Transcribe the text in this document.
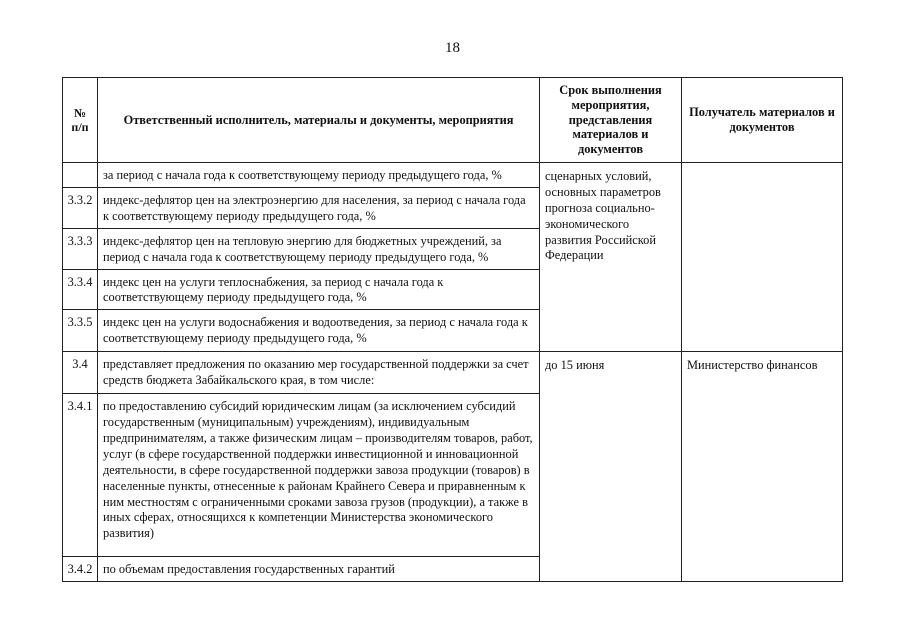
18
№
п/п	Ответственный исполнитель, материалы и документы, мероприятия	Срок выполнения мероприятия, представления материалов и документов	Получатель материалов и документов
	за период с начала года к соответствующему периоду предыдущего года, %	сценарных условий, основных параметров прогноза социально-экономического развития Российской Федерации	
3.3.2	индекс-дефлятор цен на электроэнергию для населения, за период с начала года к соответствующему периоду предыдущего года, %		
3.3.3	индекс-дефлятор цен на тепловую энергию для бюджетных учреждений, за период с начала года к соответствующему периоду предыдущего года, %		
3.3.4	индекс цен на услуги теплоснабжения, за период с начала года к соответствующему периоду предыдущего года, %		
3.3.5	индекс цен на услуги водоснабжения и водоотведения, за период с начала года к соответствующему периоду предыдущего года, %		
3.4	представляет предложения по оказанию мер государственной поддержки за счет средств бюджета Забайкальского края, в том числе:	до 15 июня	Министерство финансов
3.4.1	по предоставлению субсидий юридическим лицам (за исключением субсидий государственным (муниципальным) учреждениям), индивидуальным предпринимателям, а также физическим лицам – производителям товаров, работ, услуг (в сфере государственной поддержки инвестиционной и инновационной деятельности, в сфере государственной поддержки завоза продукции (товаров) в населенные пункты, отнесенные к районам Крайнего Севера и приравненным к ним местностям с ограниченными сроками завоза грузов (продукции), а также в иных сферах, относящихся к компетенции Министерства экономического развития)		
3.4.2	по объемам предоставления государственных гарантий		
